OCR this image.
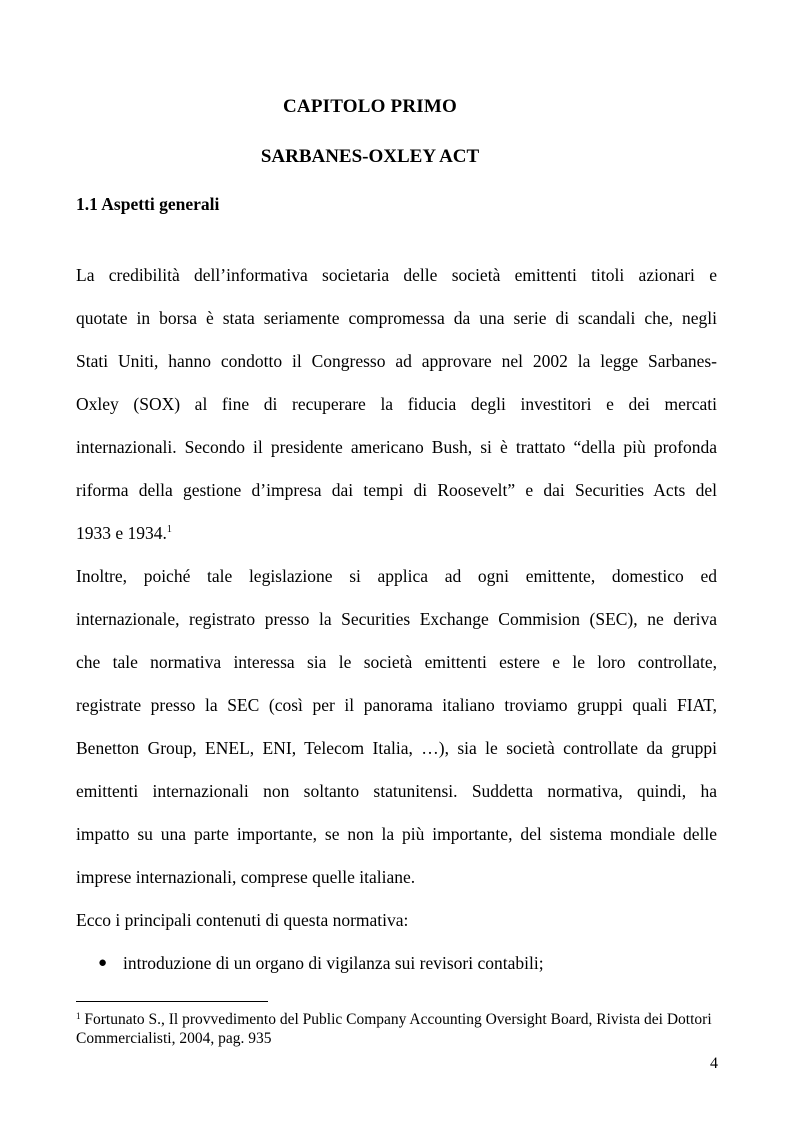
CAPITOLO PRIMO
SARBANES-OXLEY ACT
1.1 Aspetti generali
La credibilità dell’informativa societaria delle società emittenti titoli azionari e
quotate in borsa è stata seriamente compromessa da una serie di scandali che, negli
Stati Uniti, hanno condotto il Congresso ad approvare nel 2002 la legge Sarbanes-
Oxley (SOX) al fine di recuperare la fiducia degli investitori e dei mercati
internazionali. Secondo il presidente americano Bush, si è trattato “della più profonda
riforma della gestione d’impresa dai tempi di Roosevelt” e dai Securities Acts del
1933 e 1934.$^1$
Inoltre, poiché tale legislazione si applica ad ogni emittente, domestico ed
internazionale, registrato presso la Securities Exchange Commision (SEC), ne deriva
che tale normativa interessa sia le società emittenti estere e le loro controllate,
registrate presso la SEC (così per il panorama italiano troviamo gruppi quali FIAT,
Benetton Group, ENEL, ENI, Telecom Italia, …), sia le società controllate da gruppi
emittenti internazionali non soltanto statunitensi. Suddetta normativa, quindi, ha
impatto su una parte importante, se non la più importante, del sistema mondiale delle
imprese internazionali, comprese quelle italiane.
Ecco i principali contenuti di questa normativa:
● introduzione di un organo di vigilanza sui revisori contabili;
$^1$ Fortunato S., Il provvedimento del Public Company Accounting Oversight Board, Rivista dei Dottori Commercialisti, 2004, pag. 935
4
